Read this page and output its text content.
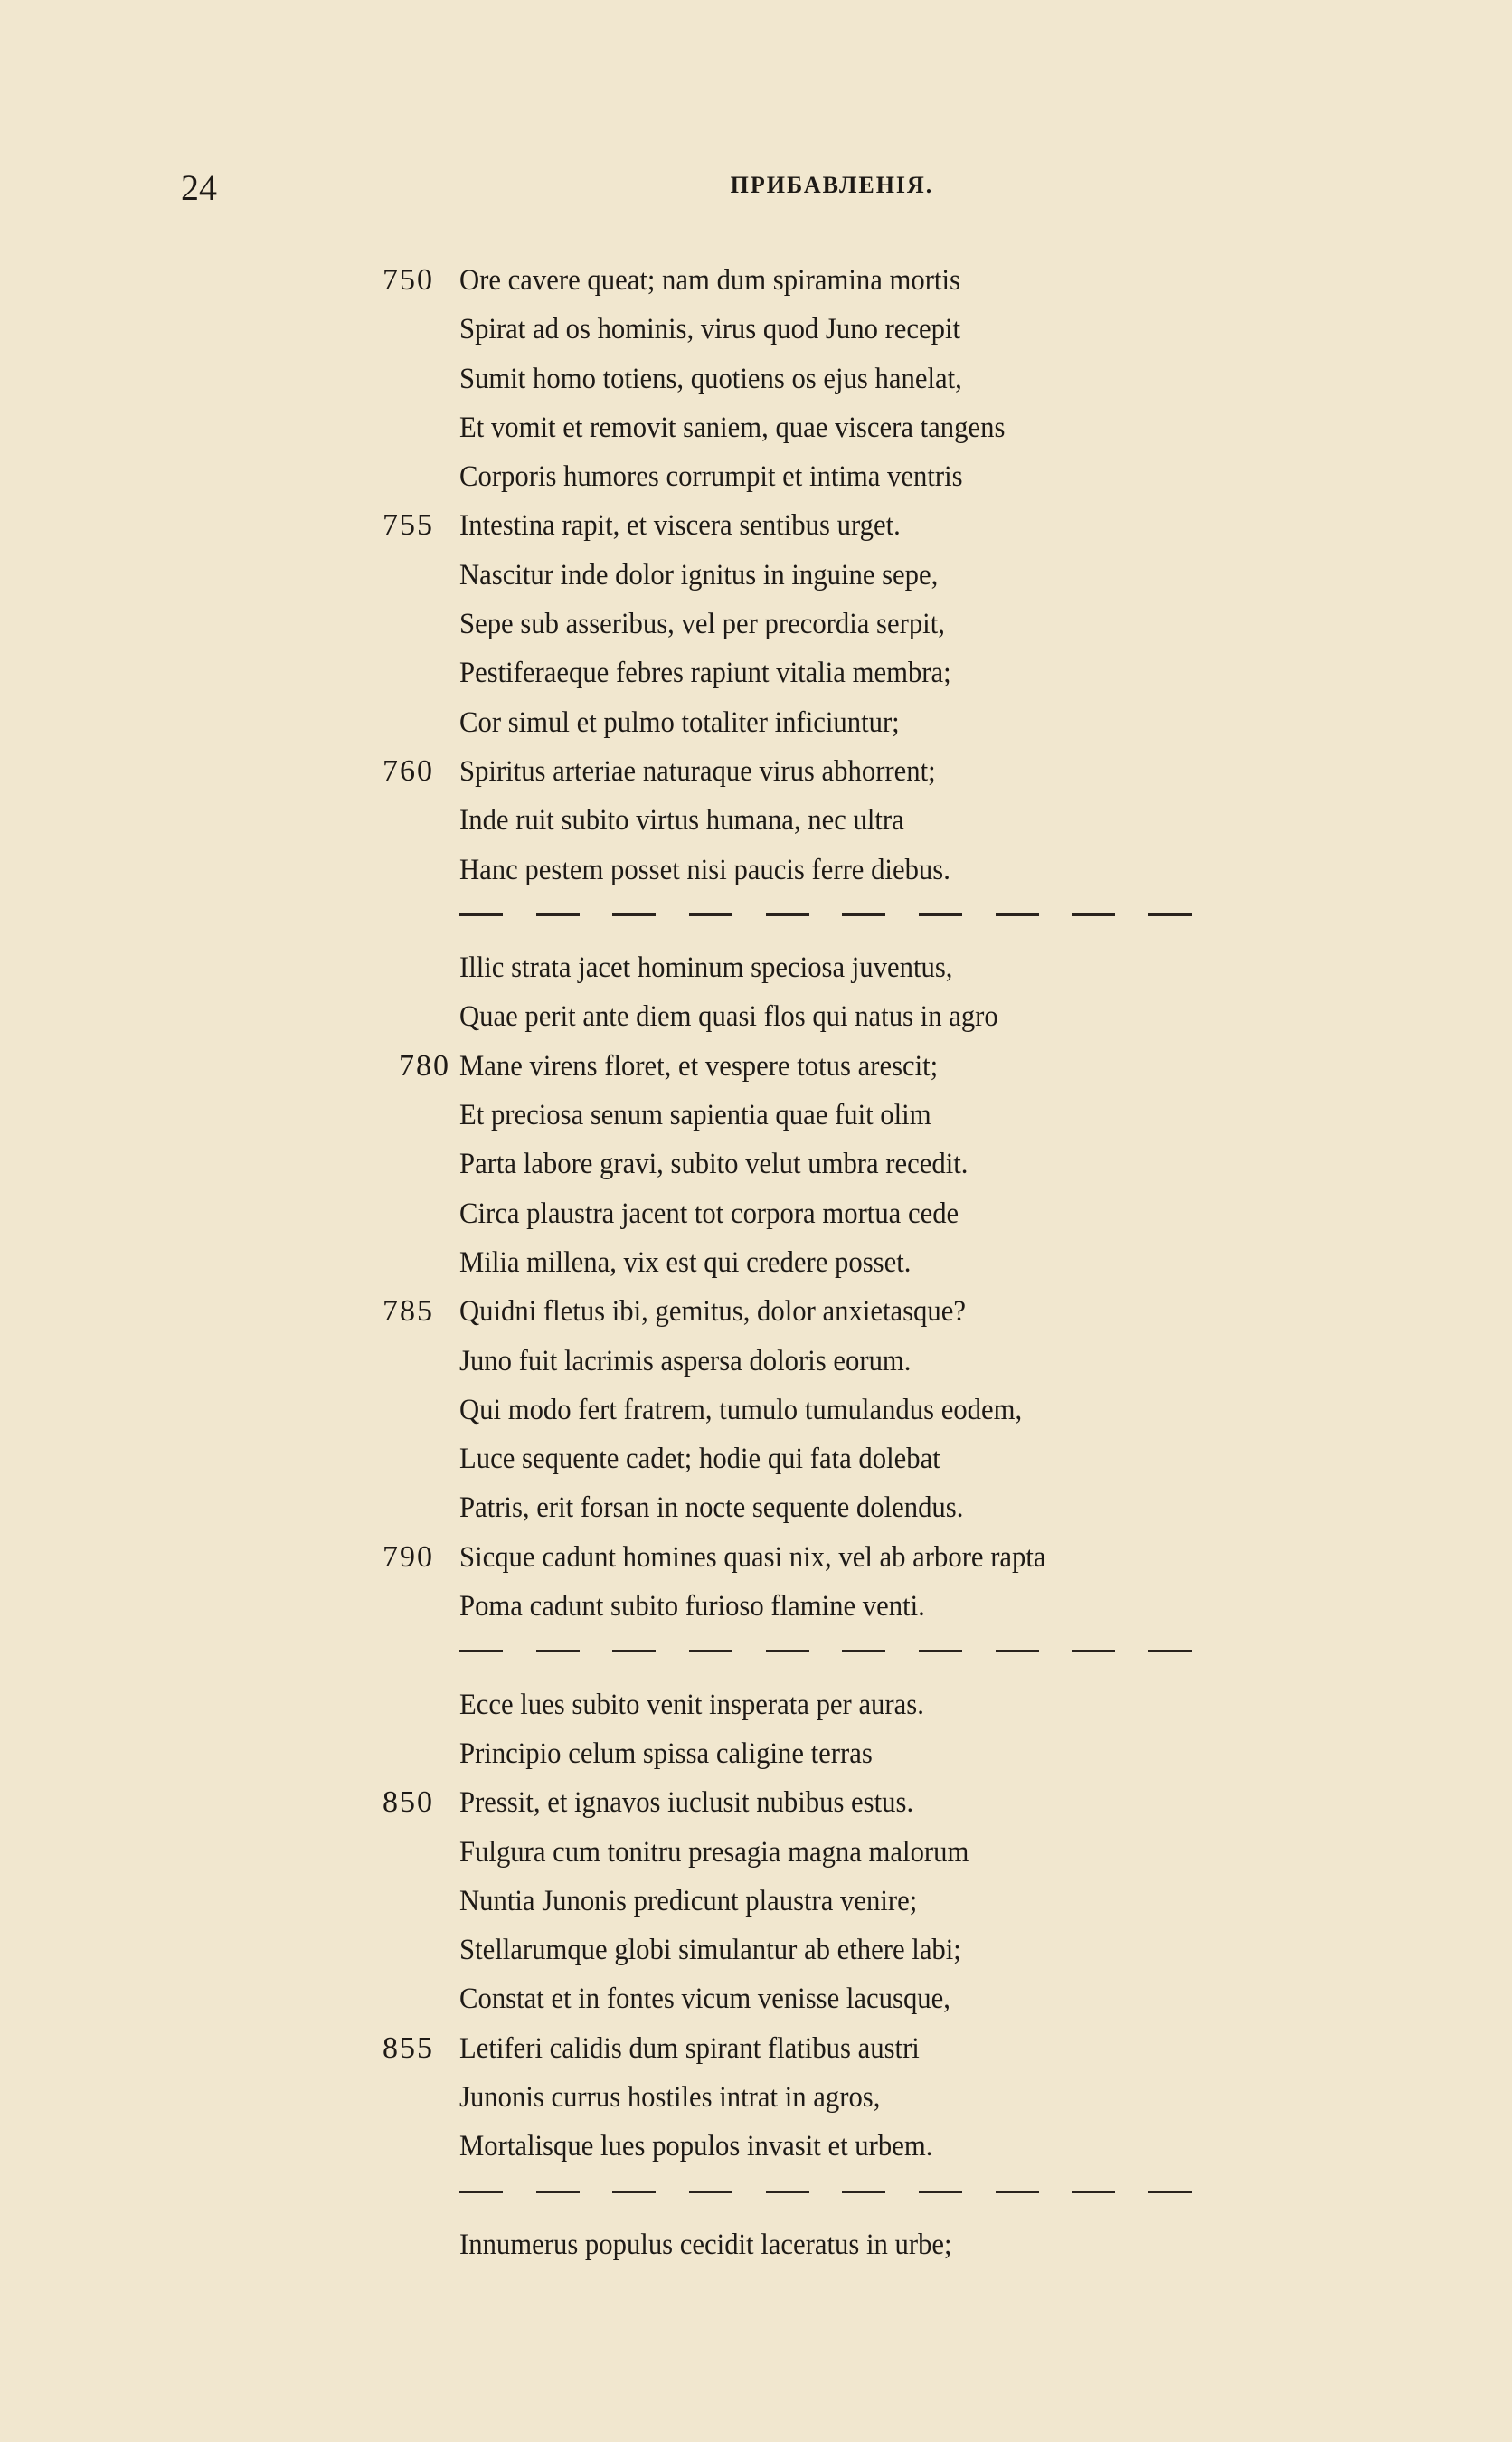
24	ПРИБАВЛЕНІЯ.
750 Ore cavere queat; nam dum spiramina mortis
Spirat ad os hominis, virus quod Juno recepit
Sumit homo totiens, quotiens os ejus hanelat,
Et vomit et removit saniem, quae viscera tangens
Corporis humores corrumpit et intima ventris
755 Intestina rapit, et viscera sentibus urget.
Nascitur inde dolor ignitus in inguine sepe,
Sepe sub asseribus, vel per precordia serpit,
Pestiferaeque febres rapiunt vitalia membra;
Cor simul et pulmo totaliter inficiuntur;
760 Spiritus arteriae naturaque virus abhorrent;
Inde ruit subito virtus humana, nec ultra
Hanc pestem posset nisi paucis ferre diebus.
Illic strata jacet hominum speciosa juventus,
Quae perit ante diem quasi flos qui natus in agro
780 Mane virens floret, et vespere totus arescit;
Et preciosa senum sapientia quae fuit olim
Parta labore gravi, subito velut umbra recedit.
Circa plaustra jacent tot corpora mortua cede
Milia millena, vix est qui credere posset.
785 Quidni fletus ibi, gemitus, dolor anxietasque?
Juno fuit lacrimis aspersa doloris eorum.
Qui modo fert fratrem, tumulo tumulandus eodem,
Luce sequente cadet; hodie qui fata dolebat
Patris, erit forsan in nocte sequente dolendus.
790 Sicque cadunt homines quasi nix, vel ab arbore rapta
Poma cadunt subito furioso flamine venti.
Ecce lues subito venit insperata per auras.
Principio celum spissa caligine terras
850 Pressit, et ignavos iuclusit nubibus estus.
Fulgura cum tonitru presagia magna malorum
Nuntia Junonis predicunt plaustra venire;
Stellarumque globi simulantur ab ethere labi;
Constat et in fontes vicum venisse lacusque,
855 Letiferi calidis dum spirant flatibus austri
Junonis currus hostiles intrat in agros,
Mortalisque lues populos invasit et urbem.
Innumerus populus cecidit laceratus in urbe;
